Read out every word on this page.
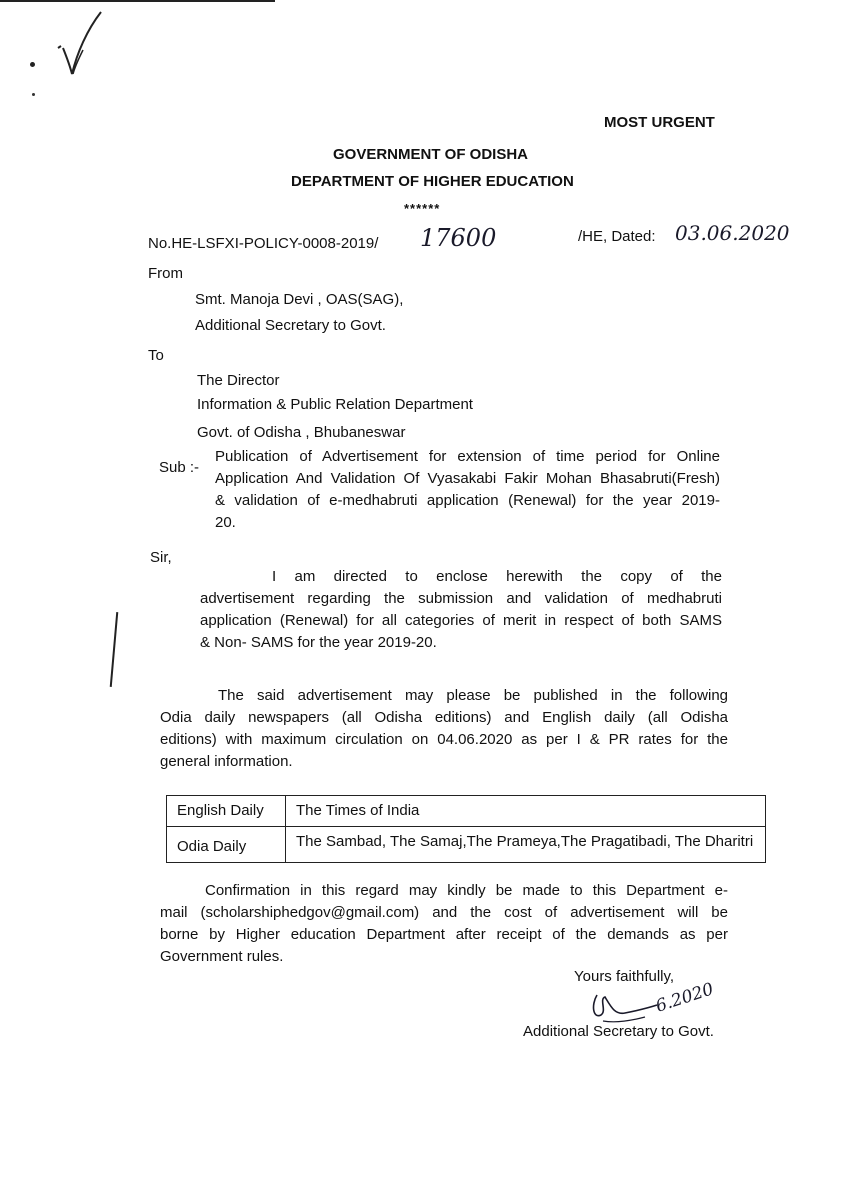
MOST URGENT
GOVERNMENT OF ODISHA
DEPARTMENT OF HIGHER EDUCATION
******
No.HE-LSFXI-POLICY-0008-2019/ 17600	/HE, Dated: 03.06.2020
From
Smt. Manoja Devi , OAS(SAG),
Additional Secretary to Govt.
To
The Director
Information & Public Relation Department
Govt. of Odisha , Bhubaneswar
Sub :-
Publication of Advertisement for extension of time period for Online
Application And Validation Of Vyasakabi Fakir Mohan Bhasabruti(Fresh)
& validation of e-medhabruti application (Renewal) for the year 2019-
20.
Sir,
I am directed to enclose herewith the copy of the
advertisement regarding the submission and validation of medhabruti
application (Renewal) for all categories of merit in respect of both SAMS
& Non- SAMS for the year 2019-20.
The said advertisement may please be published in the following
Odia daily newspapers (all Odisha editions) and English daily (all Odisha
editions) with maximum circulation on 04.06.2020 as per I & PR rates for the
general information.
English Daily	The Times of India
Odia Daily	The Sambad, The Samaj,The Prameya,The Pragatibadi, The Dharitri
Confirmation in this regard may kindly be made to this Department e-
mail (scholarshiphedgov@gmail.com) and the cost of advertisement will be
borne by Higher education Department after receipt of the demands as per
Government rules.
Yours faithfully,
6.2020
Additional Secretary to Govt.
